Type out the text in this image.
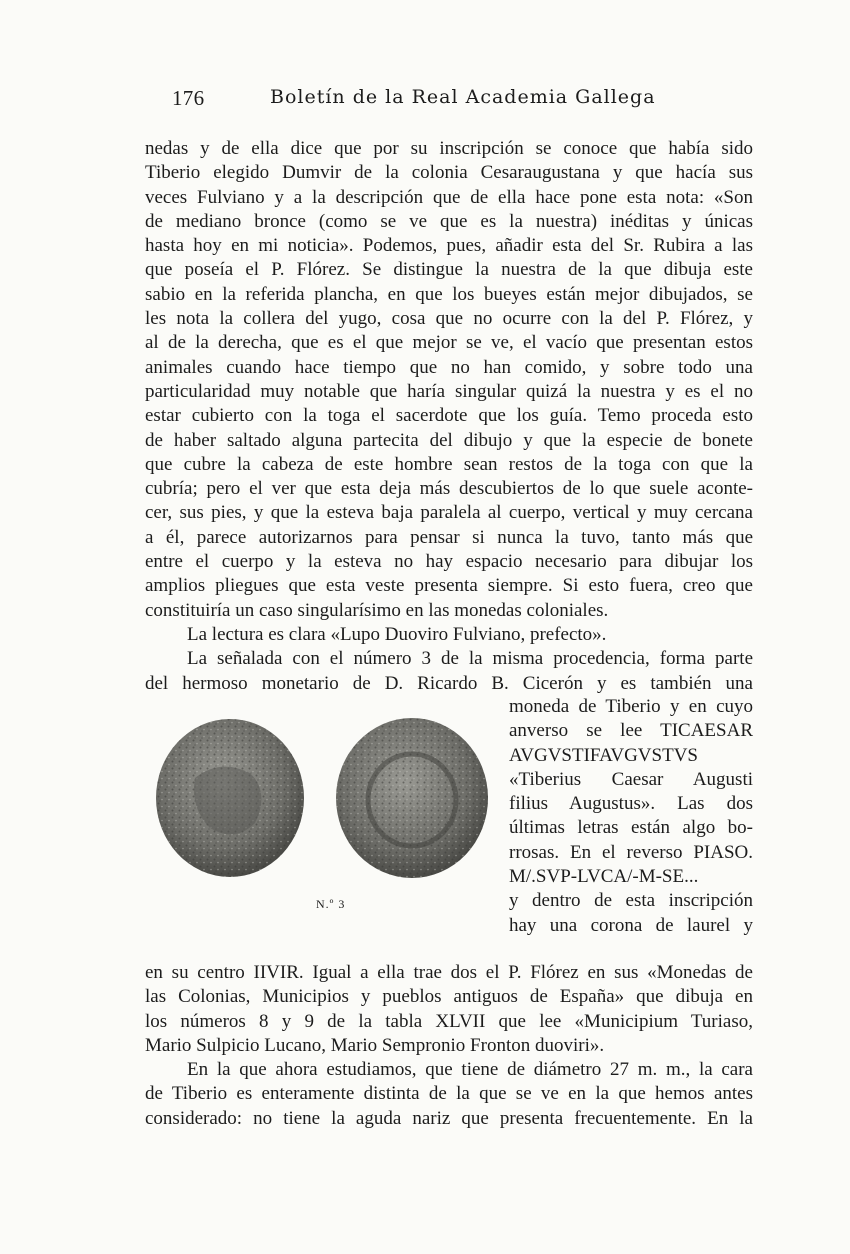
176	Boletín de la Real Academia Gallega

nedas y de ella dice que por su inscripción se conoce que había sido

Tiberio elegido Dumvir de la colonia Cesaraugustana y que hacía sus

veces Fulviano y a la descripción que de ella hace pone esta nota: «Son

de mediano bronce (como se ve que es la nuestra) inéditas y únicas

hasta hoy en mi noticia». Podemos, pues, añadir esta del Sr. Rubira a las

que poseía el P. Flórez. Se distingue la nuestra de la que dibuja este

sabio en la referida plancha, en que los bueyes están mejor dibujados, se

les nota la collera del yugo, cosa que no ocurre con la del P. Flórez, y

al de la derecha, que es el que mejor se ve, el vacío que presentan estos

animales cuando hace tiempo que no han comido, y sobre todo una

particularidad muy notable que haría singular quizá la nuestra y es el no

estar cubierto con la toga el sacerdote que los guía. Temo proceda esto

de haber saltado alguna partecita del dibujo y que la especie de bonete

que cubre la cabeza de este hombre sean restos de la toga con que la

cubría; pero el ver que esta deja más descubiertos de lo que suele aconte-

cer, sus pies, y que la esteva baja paralela al cuerpo, vertical y muy cercana

a él, parece autorizarnos para pensar si nunca la tuvo, tanto más que

entre el cuerpo y la esteva no hay espacio necesario para dibujar los

amplios pliegues que esta veste presenta siempre. Si esto fuera, creo que

constituiría un caso singularísimo en las monedas coloniales.

La lectura es clara «Lupo Duoviro Fulviano, prefecto».

La señalada con el número 3 de la misma procedencia, forma parte

del hermoso monetario de D. Ricardo B. Cicerón y es también una

N.º 3

moneda de Tiberio y en cuyo

anverso se lee TICAESAR

AVGVSTIFAVGVSTVS

«Tiberius Caesar Augusti

filius Augustus». Las dos

últimas letras están algo bo-

rrosas. En el reverso PIASO.

M/.SVP-LVCA/-M-SE...

y dentro de esta inscripción

hay una corona de laurel y

en su centro IIVIR. Igual a ella trae dos el P. Flórez en sus «Monedas de

las Colonias, Municipios y pueblos antiguos de España» que dibuja en

los números 8 y 9 de la tabla XLVII que lee «Municipium Turiaso,

Mario Sulpicio Lucano, Mario Sempronio Fronton duoviri».

En la que ahora estudiamos, que tiene de diámetro 27 m. m., la cara

de Tiberio es enteramente distinta de la que se ve en la que hemos antes

considerado: no tiene la aguda nariz que presenta frecuentemente. En la
